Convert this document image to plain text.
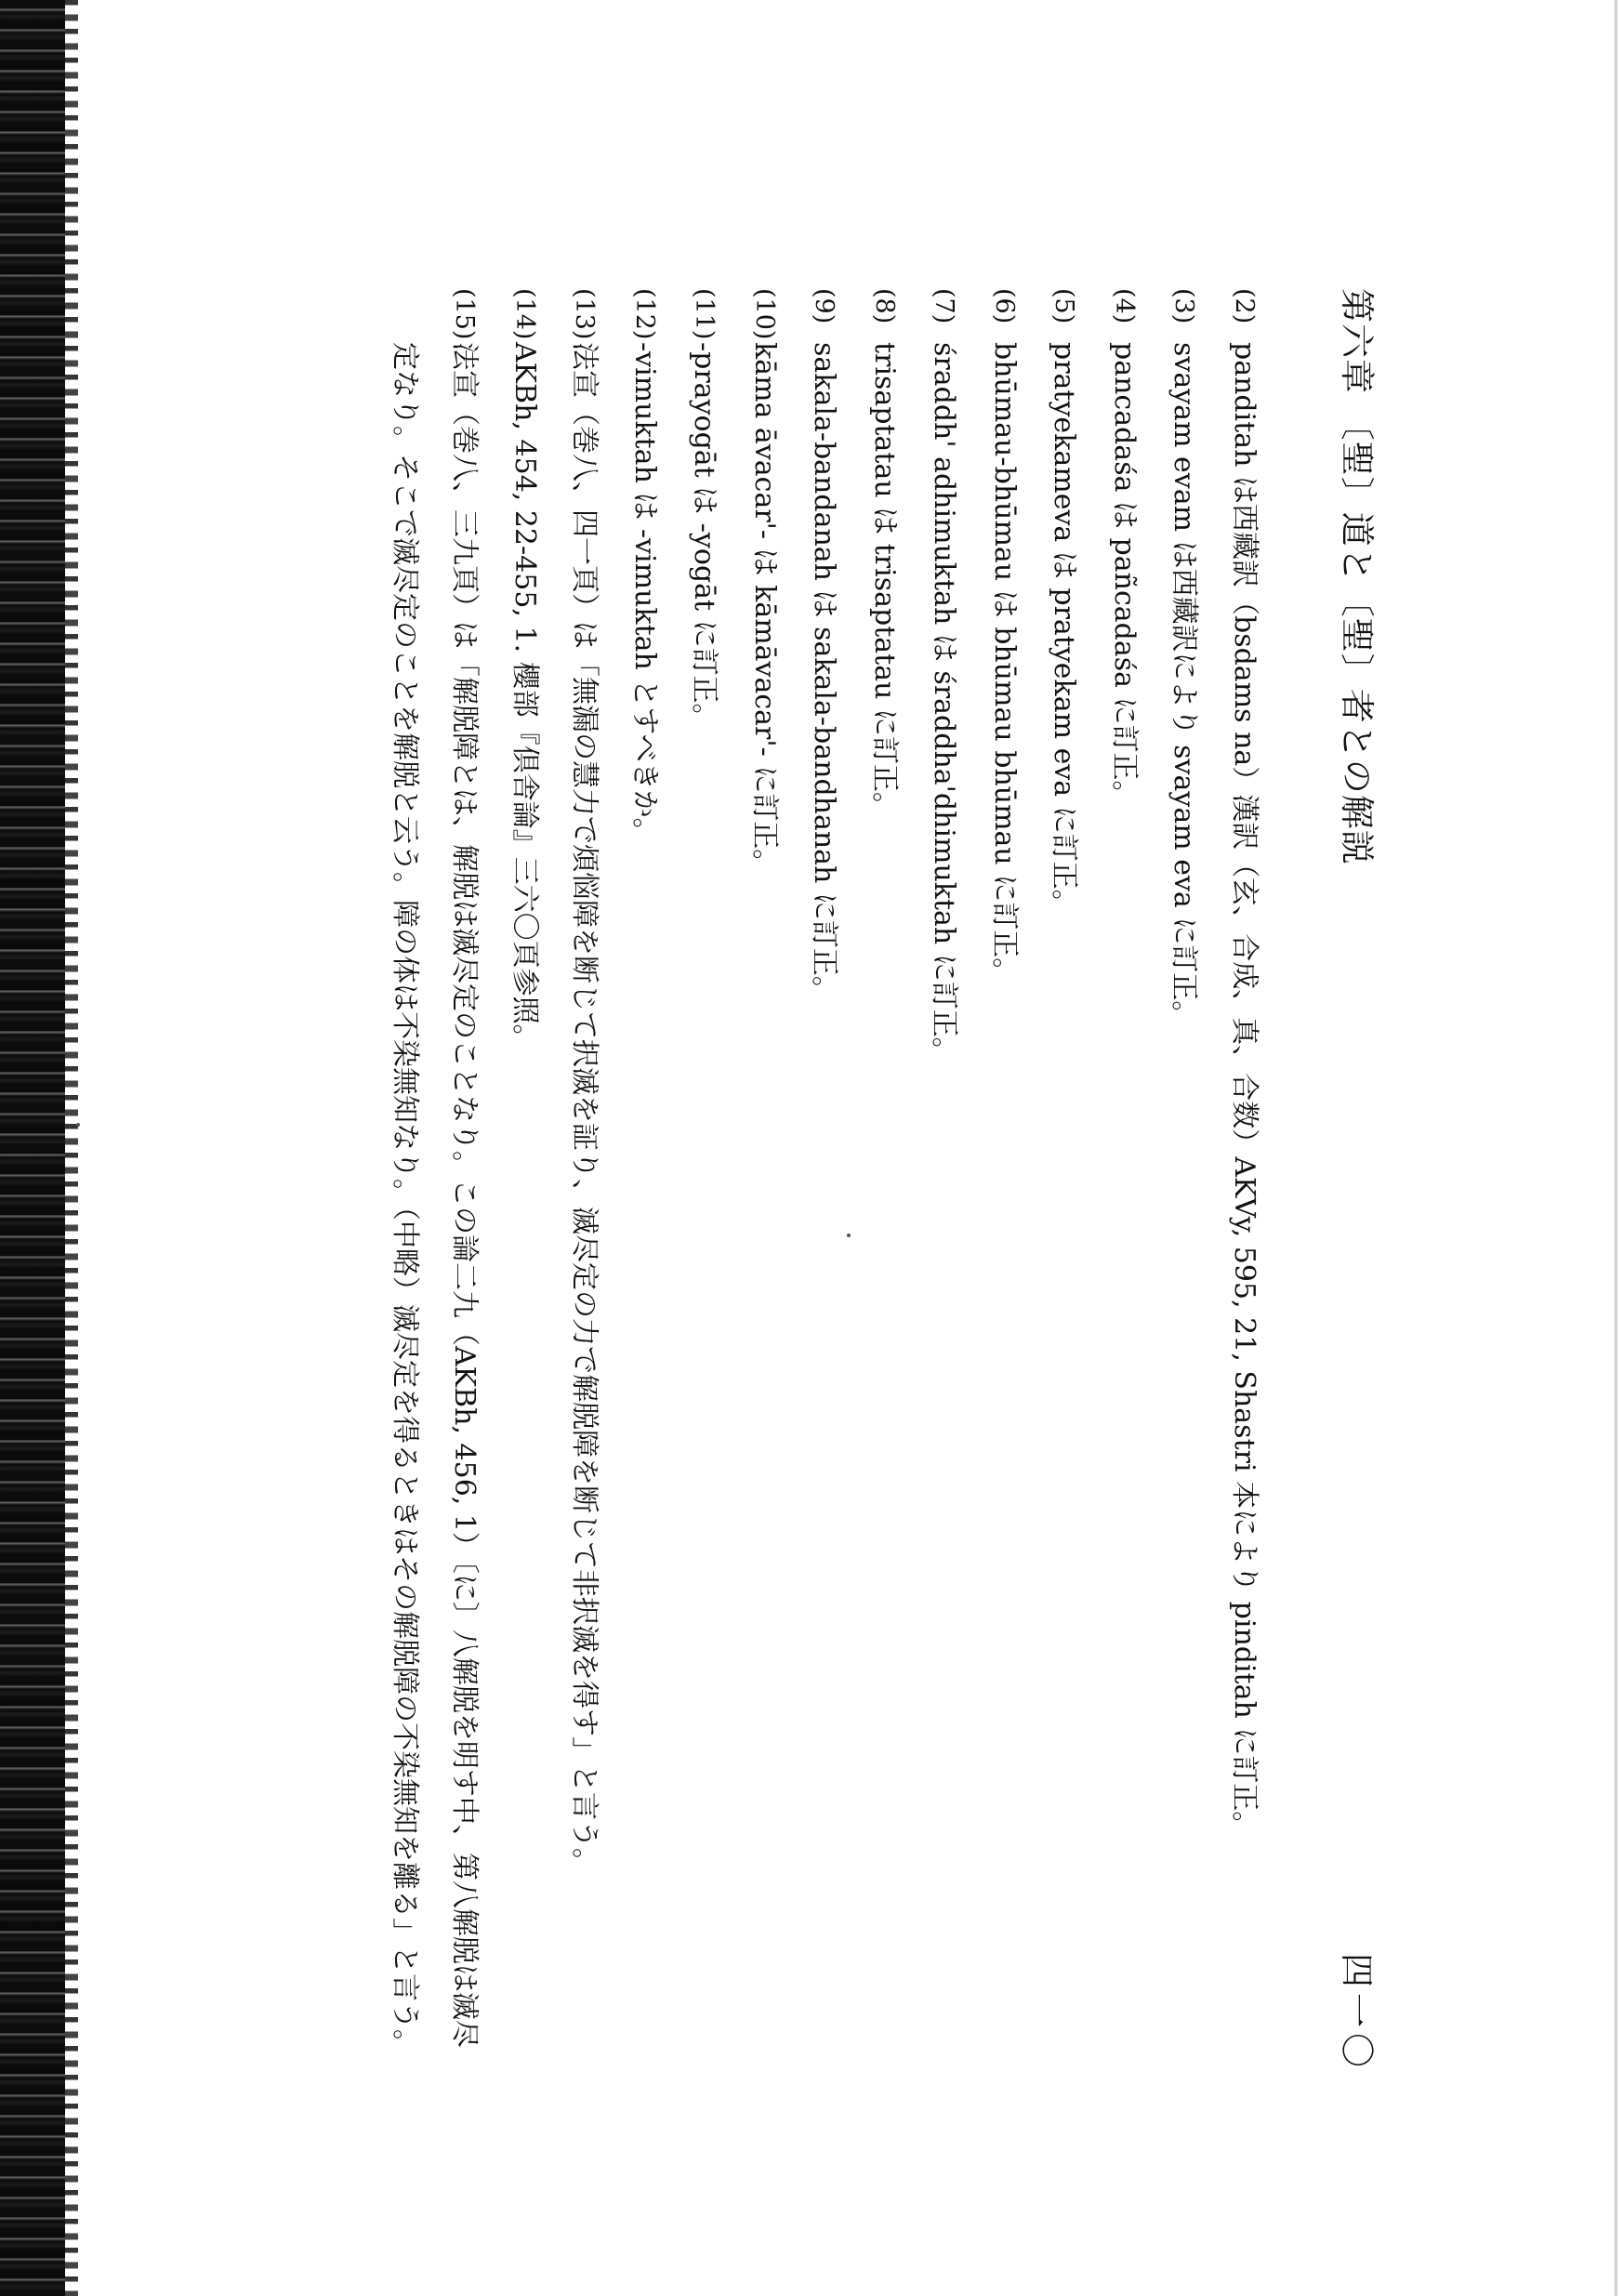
第六章 〔聖〕道と〔聖〕者との解説
四一〇
(2)
panditah は西藏訳（bsdams na）漢訳（玄、合成、真、合数）AKVy, 595, 21, Shastri 本により pinditah に訂正。
(3)
svayam evam は西藏訳により svayam eva に訂正。
(4)
pancadaśa は pañcadaśa に訂正。
(5)
pratyekameva は pratyekam eva に訂正。
(6)
bhūmau-bhūmau は bhūmau bhūmau に訂正。
(7)
śraddh' adhimuktah は śraddha'dhimuktah に訂正。
(8)
trisaptatau は trisaptatau に訂正。
(9)
sakala-bandanah は sakala-bandhanah に訂正。
(10)
kāma āvacar'- は kāmāvacar'- に訂正。
(11)
-prayogāt は -yogāt に訂正。
(12)
-vimuktah は -vimuktah とすべきか。
(13)
法宣（巻八、四一頁）は「無漏の慧力で煩悩障を断じて択滅を証り、滅尽定の力で解脱障を断じて非択滅を得す」と言う。
(14)
AKBh, 454, 22-455, 1. 櫻部『倶舎論』三六〇頁参照。
(15)
法宣（巻八、三九頁）は「解脱障とは、解脱は滅尽定のことなり。この論二九（AKBh, 456, 1）〔に〕八解脱を明す中、第八解脱は滅尽定なり。そこで滅尽定のことを解脱と云う。障の体は不染無知なり。（中略）滅尽定を得るときはその解脱障の不染無知を離る」と言う。
